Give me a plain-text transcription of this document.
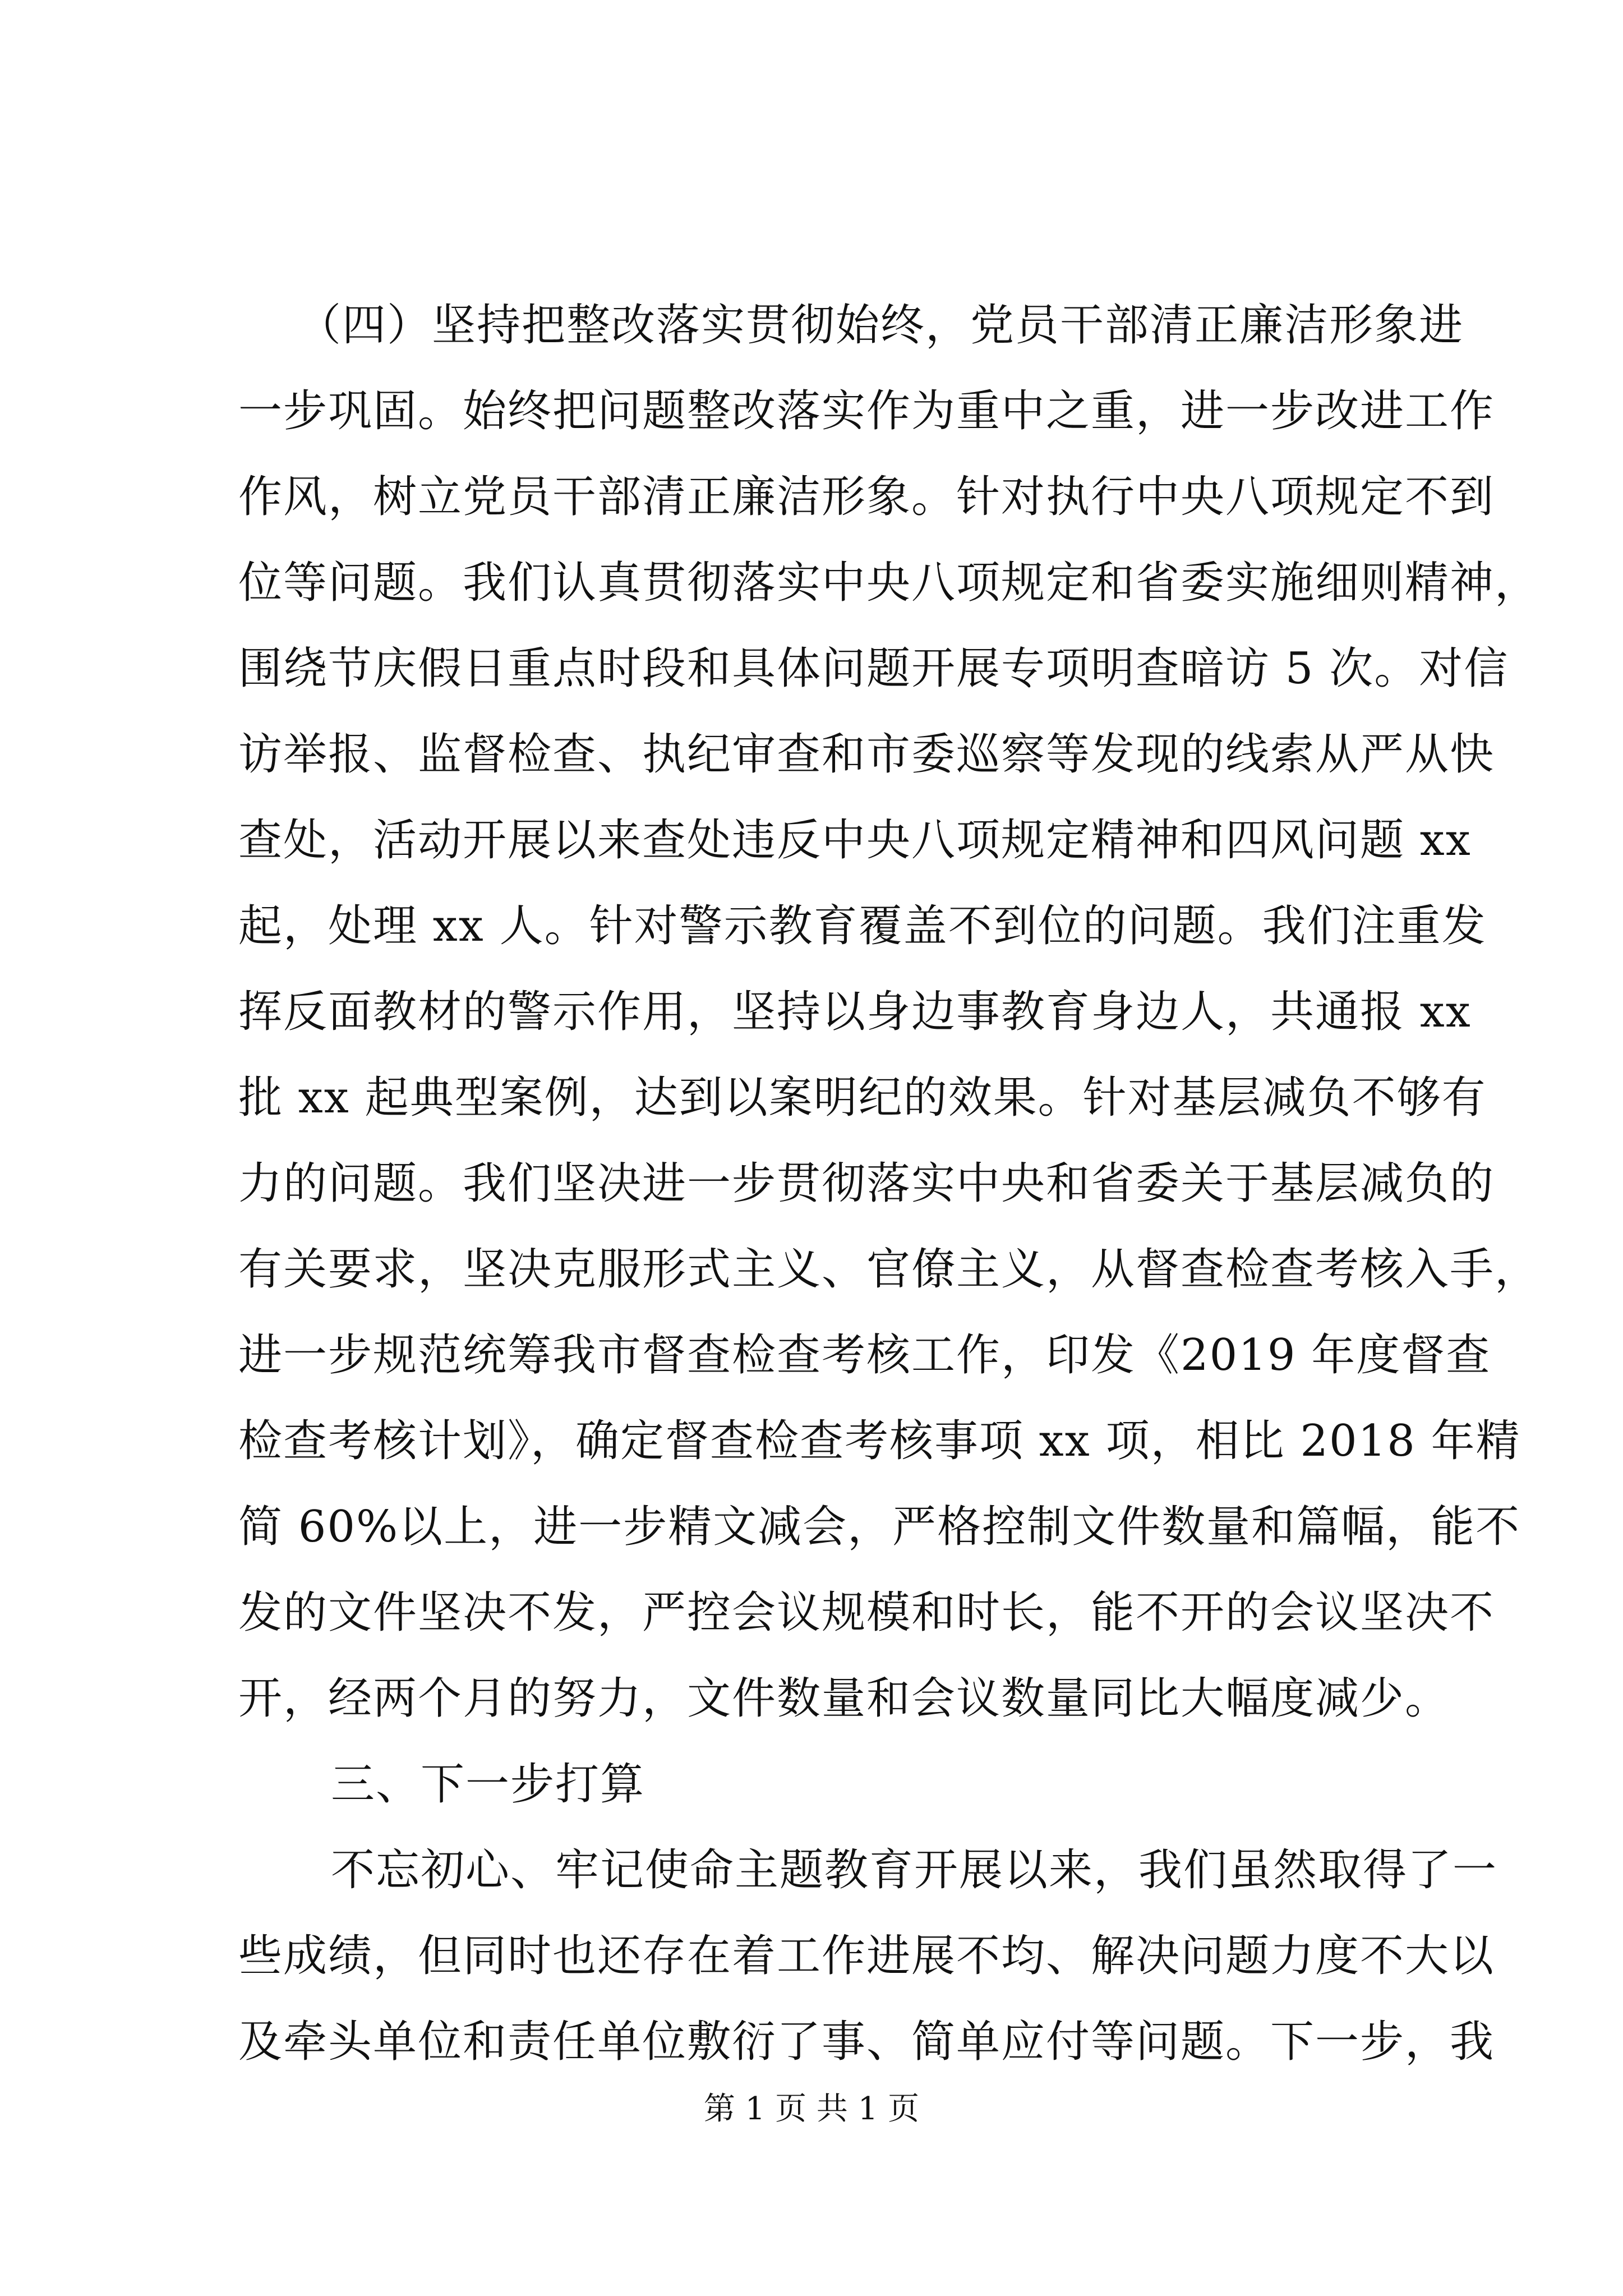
（四）坚持把整改落实贯彻始终，党员干部清正廉洁形象进
一步巩固。始终把问题整改落实作为重中之重，进一步改进工作
作风，树立党员干部清正廉洁形象。针对执行中央八项规定不到
位等问题。我们认真贯彻落实中央八项规定和省委实施细则精神，
围绕节庆假日重点时段和具体问题开展专项明查暗访 5 次。对信
访举报、监督检查、执纪审查和市委巡察等发现的线索从严从快
查处，活动开展以来查处违反中央八项规定精神和四风问题 xx
起，处理 xx 人。针对警示教育覆盖不到位的问题。我们注重发
挥反面教材的警示作用，坚持以身边事教育身边人，共通报 xx
批 xx 起典型案例，达到以案明纪的效果。针对基层减负不够有
力的问题。我们坚决进一步贯彻落实中央和省委关于基层减负的
有关要求，坚决克服形式主义、官僚主义，从督查检查考核入手，
进一步规范统筹我市督查检查考核工作，印发《2019 年度督查
检查考核计划》，确定督查检查考核事项 xx 项，相比 2018 年精
简 60%以上，进一步精文减会，严格控制文件数量和篇幅，能不
发的文件坚决不发，严控会议规模和时长，能不开的会议坚决不
开，经两个月的努力，文件数量和会议数量同比大幅度减少。
三、下一步打算
不忘初心、牢记使命主题教育开展以来，我们虽然取得了一
些成绩，但同时也还存在着工作进展不均、解决问题力度不大以
及牵头单位和责任单位敷衍了事、简单应付等问题。下一步，我
第 1 页 共 1 页
